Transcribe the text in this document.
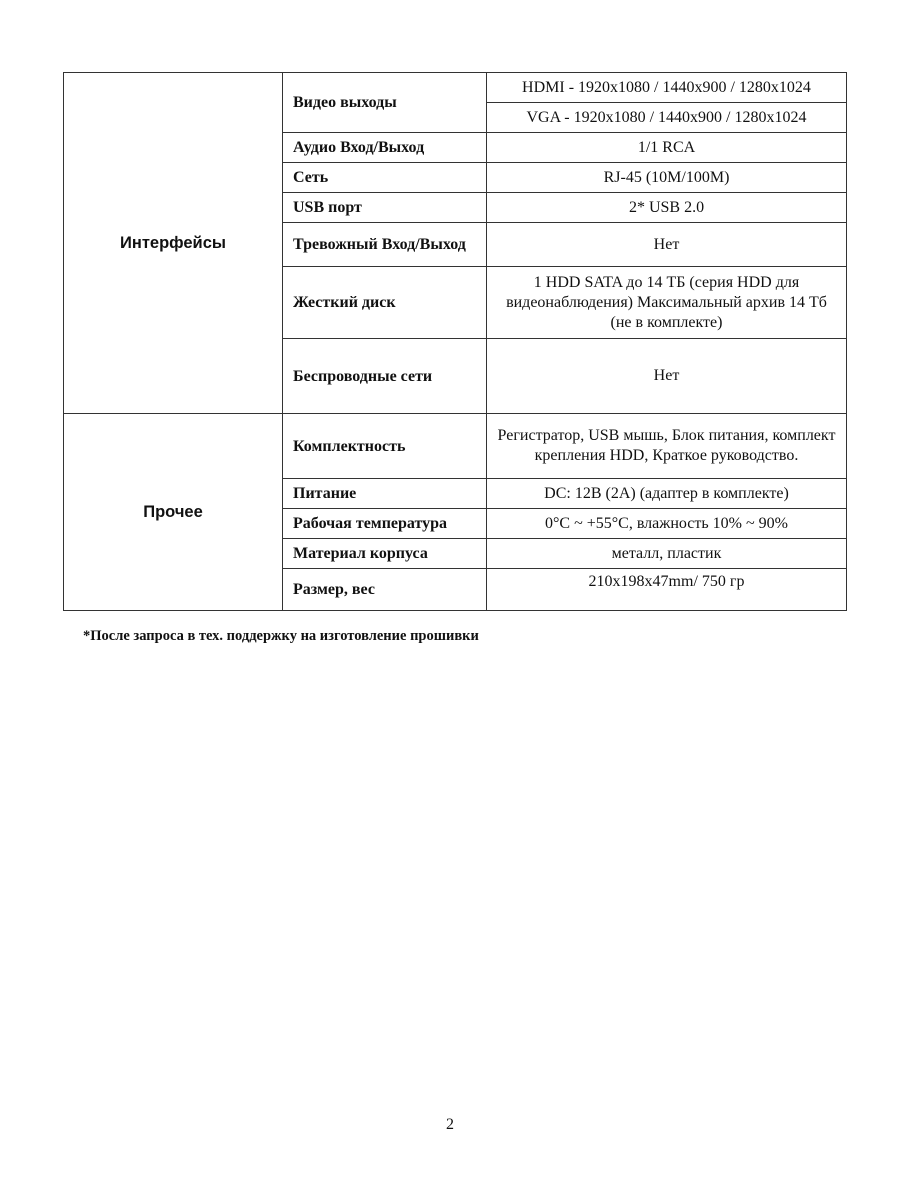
Интерфейсы	Видео выходы	HDMI - 1920x1080 / 1440x900 / 1280x1024
		VGA - 1920x1080 / 1440x900 / 1280x1024
	Аудио Вход/Выход	1/1 RCA
	Сеть	RJ-45 (10M/100M)
	USB порт	2* USB 2.0
	Тревожный Вход/Выход	Нет
	Жесткий диск	1 HDD SATA до 14 ТБ (серия HDD для видеонаблюдения) Максимальный архив 14 Тб (не в комплекте)
	Беспроводные сети	Нет

Прочее	Комплектность	Регистратор, USB мышь, Блок питания, комплект крепления HDD, Краткое руководство.
	Питание	DC: 12В (2А) (адаптер в комплекте)
	Рабочая температура	0°С ~ +55°С, влажность 10% ~ 90%
	Материал корпуса	металл, пластик
	Размер, вес	210x198x47mm/ 750 гр
*После запроса в тех. поддержку на изготовление прошивки
2
